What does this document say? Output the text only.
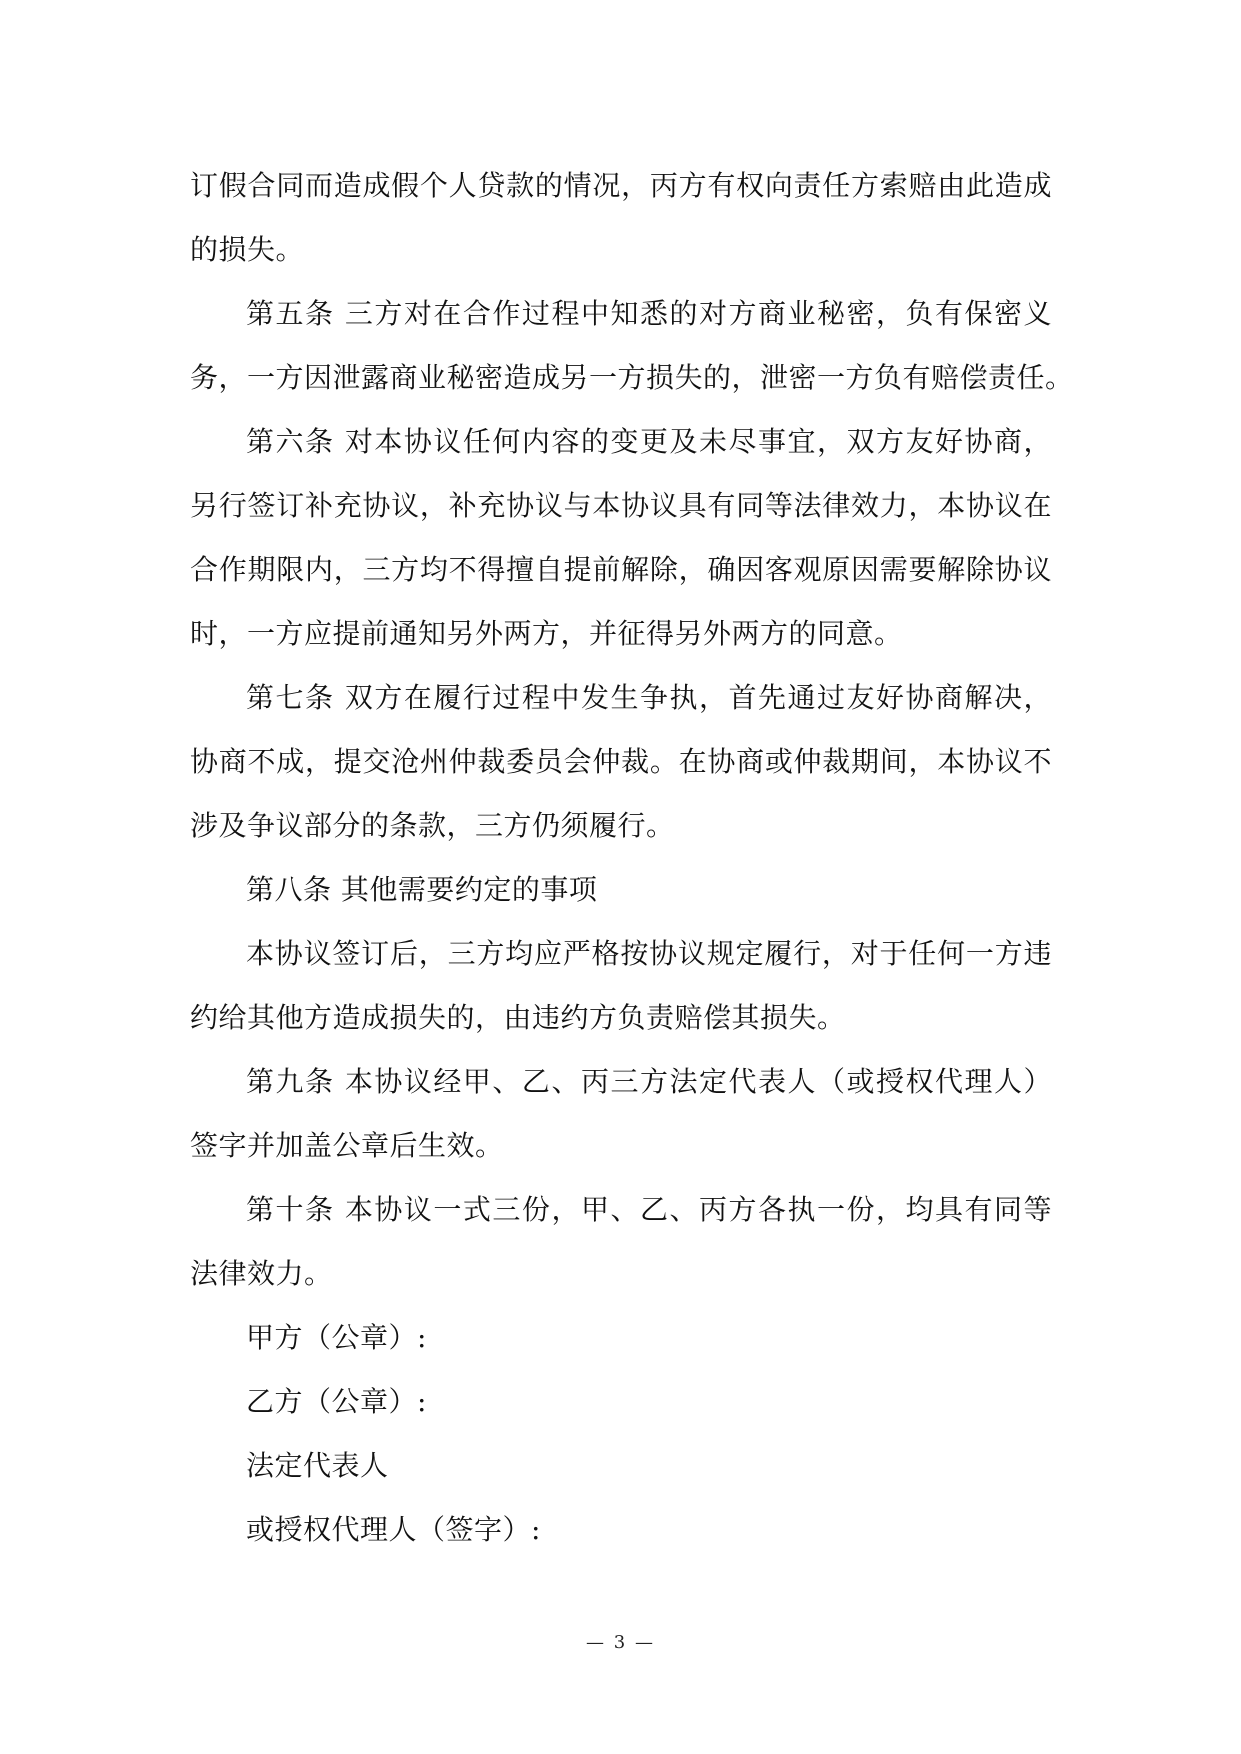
订假合同而造成假个人贷款的情况，丙方有权向责任方索赔由此造成
的损失。
第五条 三方对在合作过程中知悉的对方商业秘密，负有保密义
务，一方因泄露商业秘密造成另一方损失的，泄密一方负有赔偿责任。
第六条 对本协议任何内容的变更及未尽事宜，双方友好协商，
另行签订补充协议，补充协议与本协议具有同等法律效力，本协议在
合作期限内，三方均不得擅自提前解除，确因客观原因需要解除协议
时，一方应提前通知另外两方，并征得另外两方的同意。
第七条 双方在履行过程中发生争执，首先通过友好协商解决，
协商不成，提交沧州仲裁委员会仲裁。在协商或仲裁期间，本协议不
涉及争议部分的条款，三方仍须履行。
第八条 其他需要约定的事项
本协议签订后，三方均应严格按协议规定履行，对于任何一方违
约给其他方造成损失的，由违约方负责赔偿其损失。
第九条 本协议经甲、乙、丙三方法定代表人（或授权代理人）
签字并加盖公章后生效。
第十条 本协议一式三份，甲、乙、丙方各执一份，均具有同等
法律效力。
甲方（公章）:
乙方（公章）:
法定代表人
或授权代理人（签字）:
— 3 —
